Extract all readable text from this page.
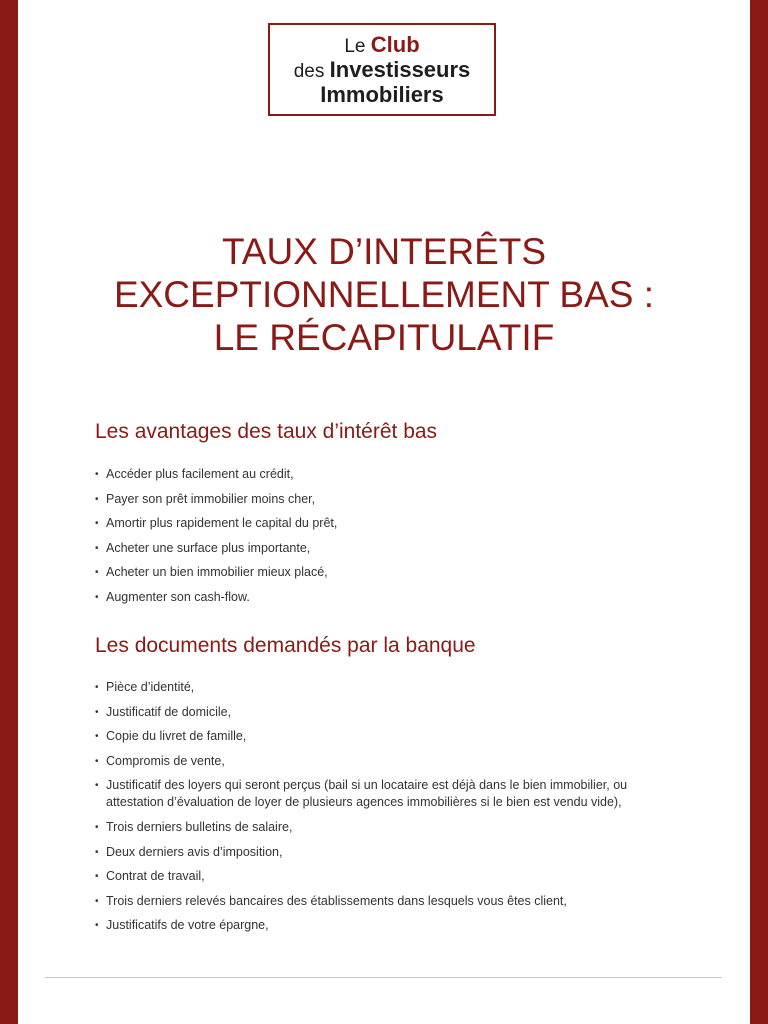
Le Club
des Investisseurs
Immobiliers
TAUX D’INTERÊTS
EXCEPTIONNELLEMENT BAS :
LE RÉCAPITULATIF
Les avantages des taux d’intérêt bas
• Accéder plus facilement au crédit,
• Payer son prêt immobilier moins cher,
• Amortir plus rapidement le capital du prêt,
• Acheter une surface plus importante,
• Acheter un bien immobilier mieux placé,
• Augmenter son cash-flow.
Les documents demandés par la banque
• Pièce d’identité,
• Justificatif de domicile,
• Copie du livret de famille,
• Compromis de vente,
• Justificatif des loyers qui seront perçus (bail si un locataire est déjà dans le bien immobilier, ou attestation d’évaluation de loyer de plusieurs agences immobilières si le bien est vendu vide),
• Trois derniers bulletins de salaire,
• Deux derniers avis d’imposition,
• Contrat de travail,
• Trois derniers relevés bancaires des établissements dans lesquels vous êtes client,
• Justificatifs de votre épargne,
